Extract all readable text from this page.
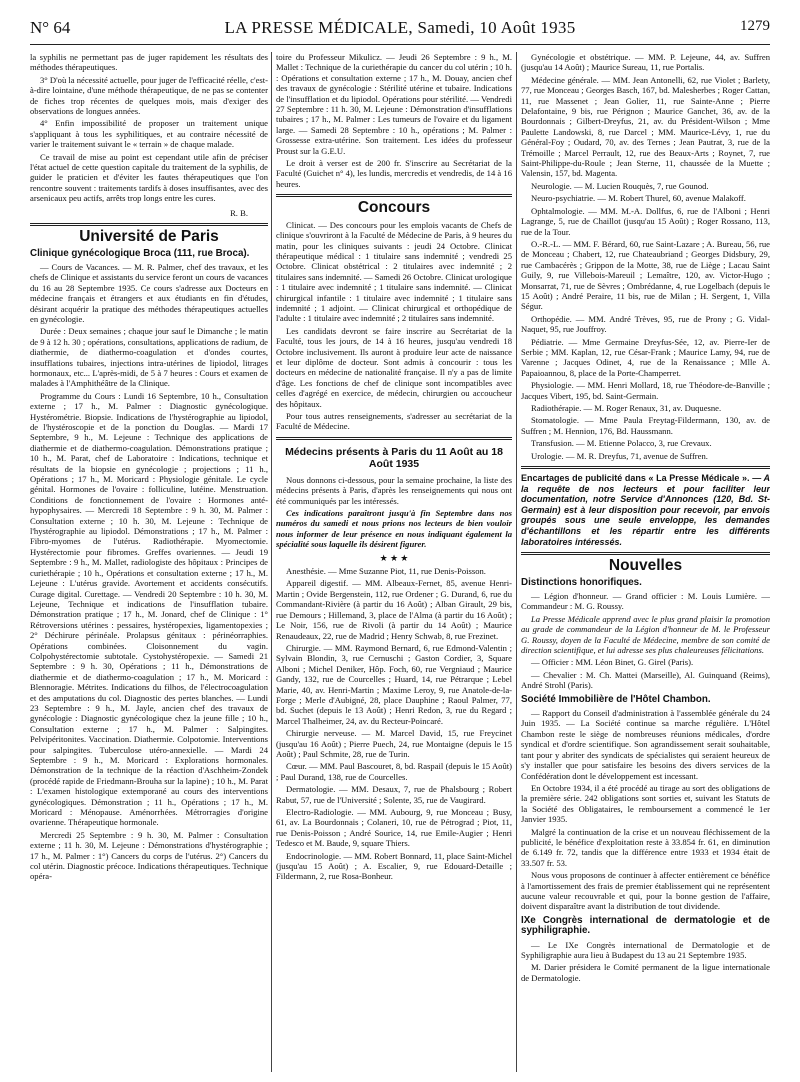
N° 64	LA PRESSE MÉDICALE, Samedi, 10 Août 1935	1279

la syphilis ne permettant pas de juger rapidement les résultats des méthodes thérapeutiques.

3° D'où la nécessité actuelle, pour juger de l'efficacité réelle, c'est-à-dire lointaine, d'une méthode thérapeutique, de ne pas se contenter de fiches trop récentes de quelques mois, mais d'exiger des observations de longues années.

4° Enfin impossibilité de proposer un traitement unique s'appliquant à tous les syphilitiques, et au contraire nécessité de varier le traitement suivant le « terrain » de chaque malade.

Ce travail de mise au point est cependant utile afin de préciser l'état actuel de cette question capitale du traitement de la syphilis, de guider le praticien et d'éviter les fautes thérapeutiques que l'on rencontre souvent : traitements tardifs à doses insuffisantes, avec des arsenicaux peu actifs, arrêts trop longs entre les cures.

R. B.
Université de Paris
Clinique gynécologique Broca (111, rue Broca).

— Cours de Vacances. — M. R. Palmer, chef des travaux, et les chefs de Clinique et assistants du service feront un cours de vacances du 16 au 28 Septembre 1935. Ce cours s'adresse aux Docteurs en médecine français et étrangers et aux étudiants en fin d'études, désirant acquérir la pratique des méthodes thérapeutiques actuelles en gynécologie.

Durée : Deux semaines ; chaque jour sauf le Dimanche ; le matin de 9 à 12 h. 30 ; opérations, consultations, applications de radium, de diathermie, de diathermo-coagulation et d'ondes courtes, insufflations tubaires, injections intra-utérines de lipiodol, litrages hormonaux, etc... L'après-midi, de 5 à 7 heures : Cours et examen de malades à l'Amphithéâtre de la Clinique.

Programme du Cours : Lundi 16 Septembre, 10 h., Consultation externe ; 17 h., M. Palmer : Diagnostic gynécologique. Hystérométrie. Biopsie. Indications de l'hystérographie au lipiodol, de l'hystéroscopie et de la ponction du Douglas. — Mardi 17 Septembre, 9 h., M. Lejeune : Technique des applications de diathermie et de diathermo-coagulation. Démonstrations pratique ; 10 h., M. Parat, chef de Laboratoire : Indications, technique et résultats de la biopsie en gynécologie ; projections ; 11 h., Opérations ; 17 h., M. Moricard : Physiologie génitale. Le cycle génital. Hormones de l'ovaire : folliculine, lutéine. Menstruation. Conditions de fonctionnement de l'ovaire : Hormones anté-hypophysaires. — Mercredi 18 Septembre : 9 h. 30, M. Palmer : Consultation externe ; 10 h. 30, M. Lejeune : Technique de l'hystérographie au lipiodol. Démonstrations ; 17 h., M. Palmer : Fibro-myomes de l'utérus. Radiothérapie. Myomectomie. Hystérectomie pour fibromes. Greffes ovariennes. — Jeudi 19 Septembre : 9 h., M. Mallet, radiologiste des hôpitaux : Principes de curiethérapie ; 10 h., Opérations et consultation externe ; 17 h., M. Lejeune : L'utérus gravide. Avortement et accidents consécutifs. Curage digital. Curettage. — Vendredi 20 Septembre : 10 h. 30, M. Lejeune, Technique et indications de l'insufflation tubaire. Démonstration pratique ; 17 h., M. Jonard, chef de Clinique : 1° Rétroversions utérines : pessaires, hystéropexies, ligamentopexies ; 2° Déchirure périnéale. Prolapsus génitaux : périnéorraphies. Opérations combinées. Cloisonnement du vagin. Colpohystérectomie subtotale. Cystohystéropexie. — Samedi 21 Septembre : 9 h. 30, Opérations ; 11 h., Démonstrations de diathermie et de diathermo-coagulation ; 17 h., M. Moricard : Blennoragie. Métrites. Indications du filhos, de l'électrocoagulation et des amputations du col. Diagnostic des pertes blanches. — Lundi 23 Septembre : 9 h., M. Jayle, ancien chef des travaux de gynécologie : Diagnostic gynécologique chez la jeune fille ; 10 h., Consultation externe ; 17 h., M. Palmer : Salpingites. Pelvipéritonites. Vaccination. Diathermie. Colpotomie. Interventions pour salpingites. Tuberculose utéro-annexielle. — Mardi 24 Septembre : 9 h., M. Moricard : Explorations hormonales. Démonstration de la technique de la réaction d'Aschheim-Zondek (procédé rapide de Friedmann-Brouha sur la lapine) ; 10 h., M. Parat : L'examen histologique extemporané au cours des interventions gynécologiques. Démonstration ; 11 h., Opérations ; 17 h., M. Moricard : Ménopause. Aménorrhées. Métrorragies d'origine ovarienne. Thérapeutique hormonale.

Mercredi 25 Septembre : 9 h. 30, M. Palmer : Consultation externe ; 11 h. 30, M. Lejeune : Démonstrations d'hystérographie ; 17 h., M. Palmer : 1°) Cancers du corps de l'utérus. 2°) Cancers du col utérin. Diagnostic précoce. Indications thérapeutiques. Technique opéra-

toire du Professeur Mikulicz. — Jeudi 26 Septembre : 9 h., M. Mallet : Technique de la curiethérapie du cancer du col utérin ; 10 h. : Opérations et consultation externe ; 17 h., M. Douay, ancien chef des travaux de gynécologie : Stérilité utérine et tubaire. Indications de l'insufflation et du lipiodol. Opérations pour stérilité. — Vendredi 27 Septembre : 11 h. 30, M. Lejeune : Démonstration d'insufflations tubaires ; 17 h., M. Palmer : Les tumeurs de l'ovaire et du ligament large. — Samedi 28 Septembre : 10 h., opérations ; M. Palmer : Grossesse extra-utérine. Son traitement. Les idées du professeur Proust sur la G.E.U.

Le droit à verser est de 200 fr. S'inscrire au Secrétariat de la Faculté (Guichet n° 4), les lundis, mercredis et vendredis, de 14 à 16 heures.

Concours

Clinicat. — Des concours pour les emplois vacants de Chefs de clinique s'ouvriront à la Faculté de Médecine de Paris, à 9 heures du matin, pour les cliniques suivants : jeudi 24 Octobre. Clinicat thérapeutique médical : 1 titulaire sans indemnité ; vendredi 25 Octobre. Clinicat obstétrical : 2 titulaires avec indemnité ; 2 titulaires sans indemnité. — Samedi 26 Octobre. Clinicat urologique : 1 titulaire avec indemnité ; 1 titulaire sans indemnité. — Clinicat chirurgical infantile : 1 titulaire avec indemnité ; 1 titulaire sans indemnité ; 1 adjoint. — Clinicat chirurgical et orthopédique de l'adulte : 1 titulaire avec indemnité ; 2 titulaires sans indemnité.

Les candidats devront se faire inscrire au Secrétariat de la Faculté, tous les jours, de 14 à 16 heures, jusqu'au vendredi 18 Octobre inclusivement. Ils auront à produire leur acte de naissance et leur diplôme de docteur. Sont admis à concourir : tous les docteurs en médecine de nationalité française. Il n'y a pas de limite d'âge. Les fonctions de chef de clinique sont incompatibles avec celles d'agrégé en exercice, de médecin, chirurgien ou accoucheur des hôpitaux.

Pour tous autres renseignements, s'adresser au secrétariat de la Faculté de Médecine.

Médecins présents à Paris du 11 Août au 18 Août 1935

Nous donnons ci-dessous, pour la semaine prochaine, la liste des médecins présents à Paris, d'après les renseignements qui nous ont été communiqués par les intéressés.

Ces indications paraîtront jusqu'à fin Septembre dans nos numéros du samedi et nous prions nos lecteurs de bien vouloir nous informer de leur présence en nous indiquant également la spécialité sous laquelle ils désirent figurer.

★ ★ ★

Anesthésie. — Mme Suzanne Piot, 11, rue Denis-Poisson.

Appareil digestif. — MM. Albeaux-Fernet, 85, avenue Henri-Martin ; Ovide Bergenstein, 112, rue Ordener ; G. Durand, 6, rue du Commandant-Rivière (à partir du 16 Août) ; Alban Girault, 29 bis, rue Demours ; Hillemand, 3, place de l'Alma (à partir du 16 Août) ; Le Noir, 156, rue de Rivoli (à partir du 14 Août) ; Maurice Renaudeaux, 22, rue de Madrid ; Henry Schwab, 8, rue Frezinet.

Chirurgie. — MM. Raymond Bernard, 6, rue Edmond-Valentin ; Sylvain Blondin, 3, rue Cernuschi ; Gaston Cordier, 3, Square Alboni ; Michel Deniker, Hôp. Foch, 60, rue Vergniaud ; Maurice Gandy, 132, rue de Courcelles ; Huard, 14, rue Pétrarque ; Lebel Marie, 40, av. Henri-Martin ; Maxime Leroy, 9, rue Anatole-de-la-Forge ; Merle d'Aubigné, 28, place Dauphine ; Raoul Palmer, 77, bd. Suchet (depuis le 13 Août) ; Henri Redon, 3, rue du Regard ; Marcel Thalheimer, 24, av. du Recteur-Poincaré.

Chirurgie nerveuse. — M. Marcel David, 15, rue Freycinet (jusqu'au 16 Août) ; Pierre Puech, 24, rue Montaigne (depuis le 15 Août) ; Paul Schmite, 28, rue de Turin.

Cœur. — MM. Paul Bascouret, 8, bd. Raspail (depuis le 15 Août) ; Paul Durand, 138, rue de Courcelles.

Dermatologie. — MM. Desaux, 7, rue de Phalsbourg ; Robert Rabut, 57, rue de l'Université ; Solente, 35, rue de Vaugirard.

Electro-Radiologie. — MM. Aubourg, 9, rue Monceau ; Busy, 61, av. La Bourdonnais ; Colaneri, 10, rue de Pétrograd ; Piot, 11, rue Denis-Poisson ; André Sourice, 14, rue Emile-Augier ; Henri Tedesco et M. Baude, 9, square Thiers.

Endocrinologie. — MM. Robert Bonnard, 11, place Saint-Michel (jusqu'au 15 Août) ; A. Escalier, 9, rue Edouard-Detaille ; Fildermann, 2, rue Rosa-Bonheur.

Gynécologie et obstétrique. — MM. P. Lejeune, 44, av. Suffren (jusqu'au 14 Août) ; Maurice Sureau, 11, rue Portalis.

Médecine générale. — MM. Jean Antonelli, 62, rue Violet ; Barlety, 77, rue Monceau ; Georges Basch, 167, bd. Malesherbes ; Roger Cattan, 11, rue Massenet ; Jean Golier, 11, rue Sainte-Anne ; Pierre Delafontaine, 9 bis, rue Pérignon ; Maurice Ganchet, 36, av. de la Bourdonnais ; Gilbert-Dreyfus, 21, av. du Président-Wilson ; Mme Paulette Landowski, 8, rue Darcel ; MM. Maurice-Lévy, 1, rue du Général-Foy ; Oudard, 70, av. des Ternes ; Jean Pautrat, 3, rue de la Trémoille ; Marcel Perrault, 12, rue des Beaux-Arts ; Roynet, 7, rue Saint-Philippe-du-Roule ; Jean Sterne, 11, chaussée de la Muette ; Valensin, 157, bd. Magenta.

Neurologie. — M. Lucien Rouquès, 7, rue Gounod.

Neuro-psychiatrie. — M. Robert Thurel, 60, avenue Malakoff.

Ophtalmologie. — MM. M.-A. Dollfus, 6, rue de l'Alboni ; Henri Lagrange, 5, rue de Chaillot (jusqu'au 15 Août) ; Roger Rossano, 113, rue de la Tour.

O.-R.-L. — MM. F. Bérard, 60, rue Saint-Lazare ; A. Bureau, 56, rue de Monceau ; Chabert, 12, rue Chateaubriand ; Georges Didsbury, 29, rue Cambacérès ; Grippon de la Motte, 38, rue de Liège ; Lacau Saint Guily, 9, rue Villebois-Mareuil ; Lemaître, 120, av. Victor-Hugo ; Monsarrat, 71, rue de Sèvres ; Ombrédanne, 4, rue Logelbach (depuis le 15 Août) ; André Peraire, 11 bis, rue de Milan ; H. Sergent, 1, Villa Ségur.

Orthopédie. — MM. André Trèves, 95, rue de Prony ; G. Vidal-Naquet, 95, rue Jouffroy.

Pédiatrie. — Mme Germaine Dreyfus-Sée, 12, av. Pierre-Ier de Serbie ; MM. Kaplan, 12, rue César-Frank ; Maurice Lamy, 94, rue de Varenne ; Jacques Odinet, 4, rue de la Renaissance ; Mlle A. Papaioannou, 8, place de la Porte-Champerret.

Physiologie. — MM. Henri Mollard, 18, rue Théodore-de-Banville ; Jacques Vibert, 195, bd. Saint-Germain.

Radiothérapie. — M. Roger Renaux, 31, av. Duquesne.

Stomatologie. — Mme Paula Freytag-Fildermann, 130, av. de Suffren ; M. Hennion, 176, Bd. Haussmann.

Transfusion. — M. Etienne Polacco, 3, rue Crevaux.

Urologie. — M. R. Dreyfus, 71, avenue de Suffren.

Encartages de publicité dans « La Presse Médicale ». — A la requête de nos lecteurs et pour faciliter leur documentation, notre Service d'Annonces (120, Bd. St-Germain) est à leur disposition pour recevoir, par envois groupés sous une seule enveloppe, les demandes d'échantillons et les répartir entre les différents laboratoires intéressés.
Nouvelles
Distinctions honorifiques.

— Légion d'honneur. — Grand officier : M. Louis Lumière. — Commandeur : M. G. Roussy.

La Presse Médicale apprend avec le plus grand plaisir la promotion au grade de commandeur de la Légion d'honneur de M. le Professeur G. Roussy, doyen de la Faculté de Médecine, membre de son comité de direction scientifique, et lui adresse ses plus chaleureuses félicitations.

— Officier : MM. Léon Binet, G. Girel (Paris).

— Chevalier : M. Ch. Mattei (Marseille), Al. Guinquand (Reims), André Strohl (Paris).

Société Immobilière de l'Hôtel Chambon.

— Rapport du Conseil d'administration à l'assemblée générale du 24 Juin 1935. — La Société continue sa marche régulière. L'Hôtel Chambon reste le siège de nombreuses réunions médicales, d'ordre syndical et d'ordre scientifique. Son agrandissement serait souhaitable, tant pour y abriter des syndicats de spécialistes qui seraient heureux de s'y installer que pour satisfaire les besoins des divers services de la Confédération dont le développement est incessant.

En Octobre 1934, il a été procédé au tirage au sort des obligations de la première série. 242 obligations sont sorties et, suivant les Statuts de la Société des Obligataires, le remboursement a commencé le 1er Janvier 1935.

Malgré la continuation de la crise et un nouveau fléchissement de la publicité, le bénéfice d'exploitation reste à 33.854 fr. 61, en diminution de 6.149 fr. 72, tandis que la différence entre 1933 et 1934 était de 33.507 fr. 53.

Nous vous proposons de continuer à affecter entièrement ce bénéfice à l'amortissement des frais de premier établissement qui ne représentent aucune valeur recouvrable et qui, pour la bonne gestion de l'affaire, doivent disparaître avant la distribution de tout dividende.

IXe Congrès international de dermatologie et de syphiligraphie.

— Le IXe Congrès international de Dermatologie et de Syphiligraphie aura lieu à Budapest du 13 au 21 Septembre 1935.

M. Darier présidera le Comité permanent de la ligue internationale de Dermatologie.
